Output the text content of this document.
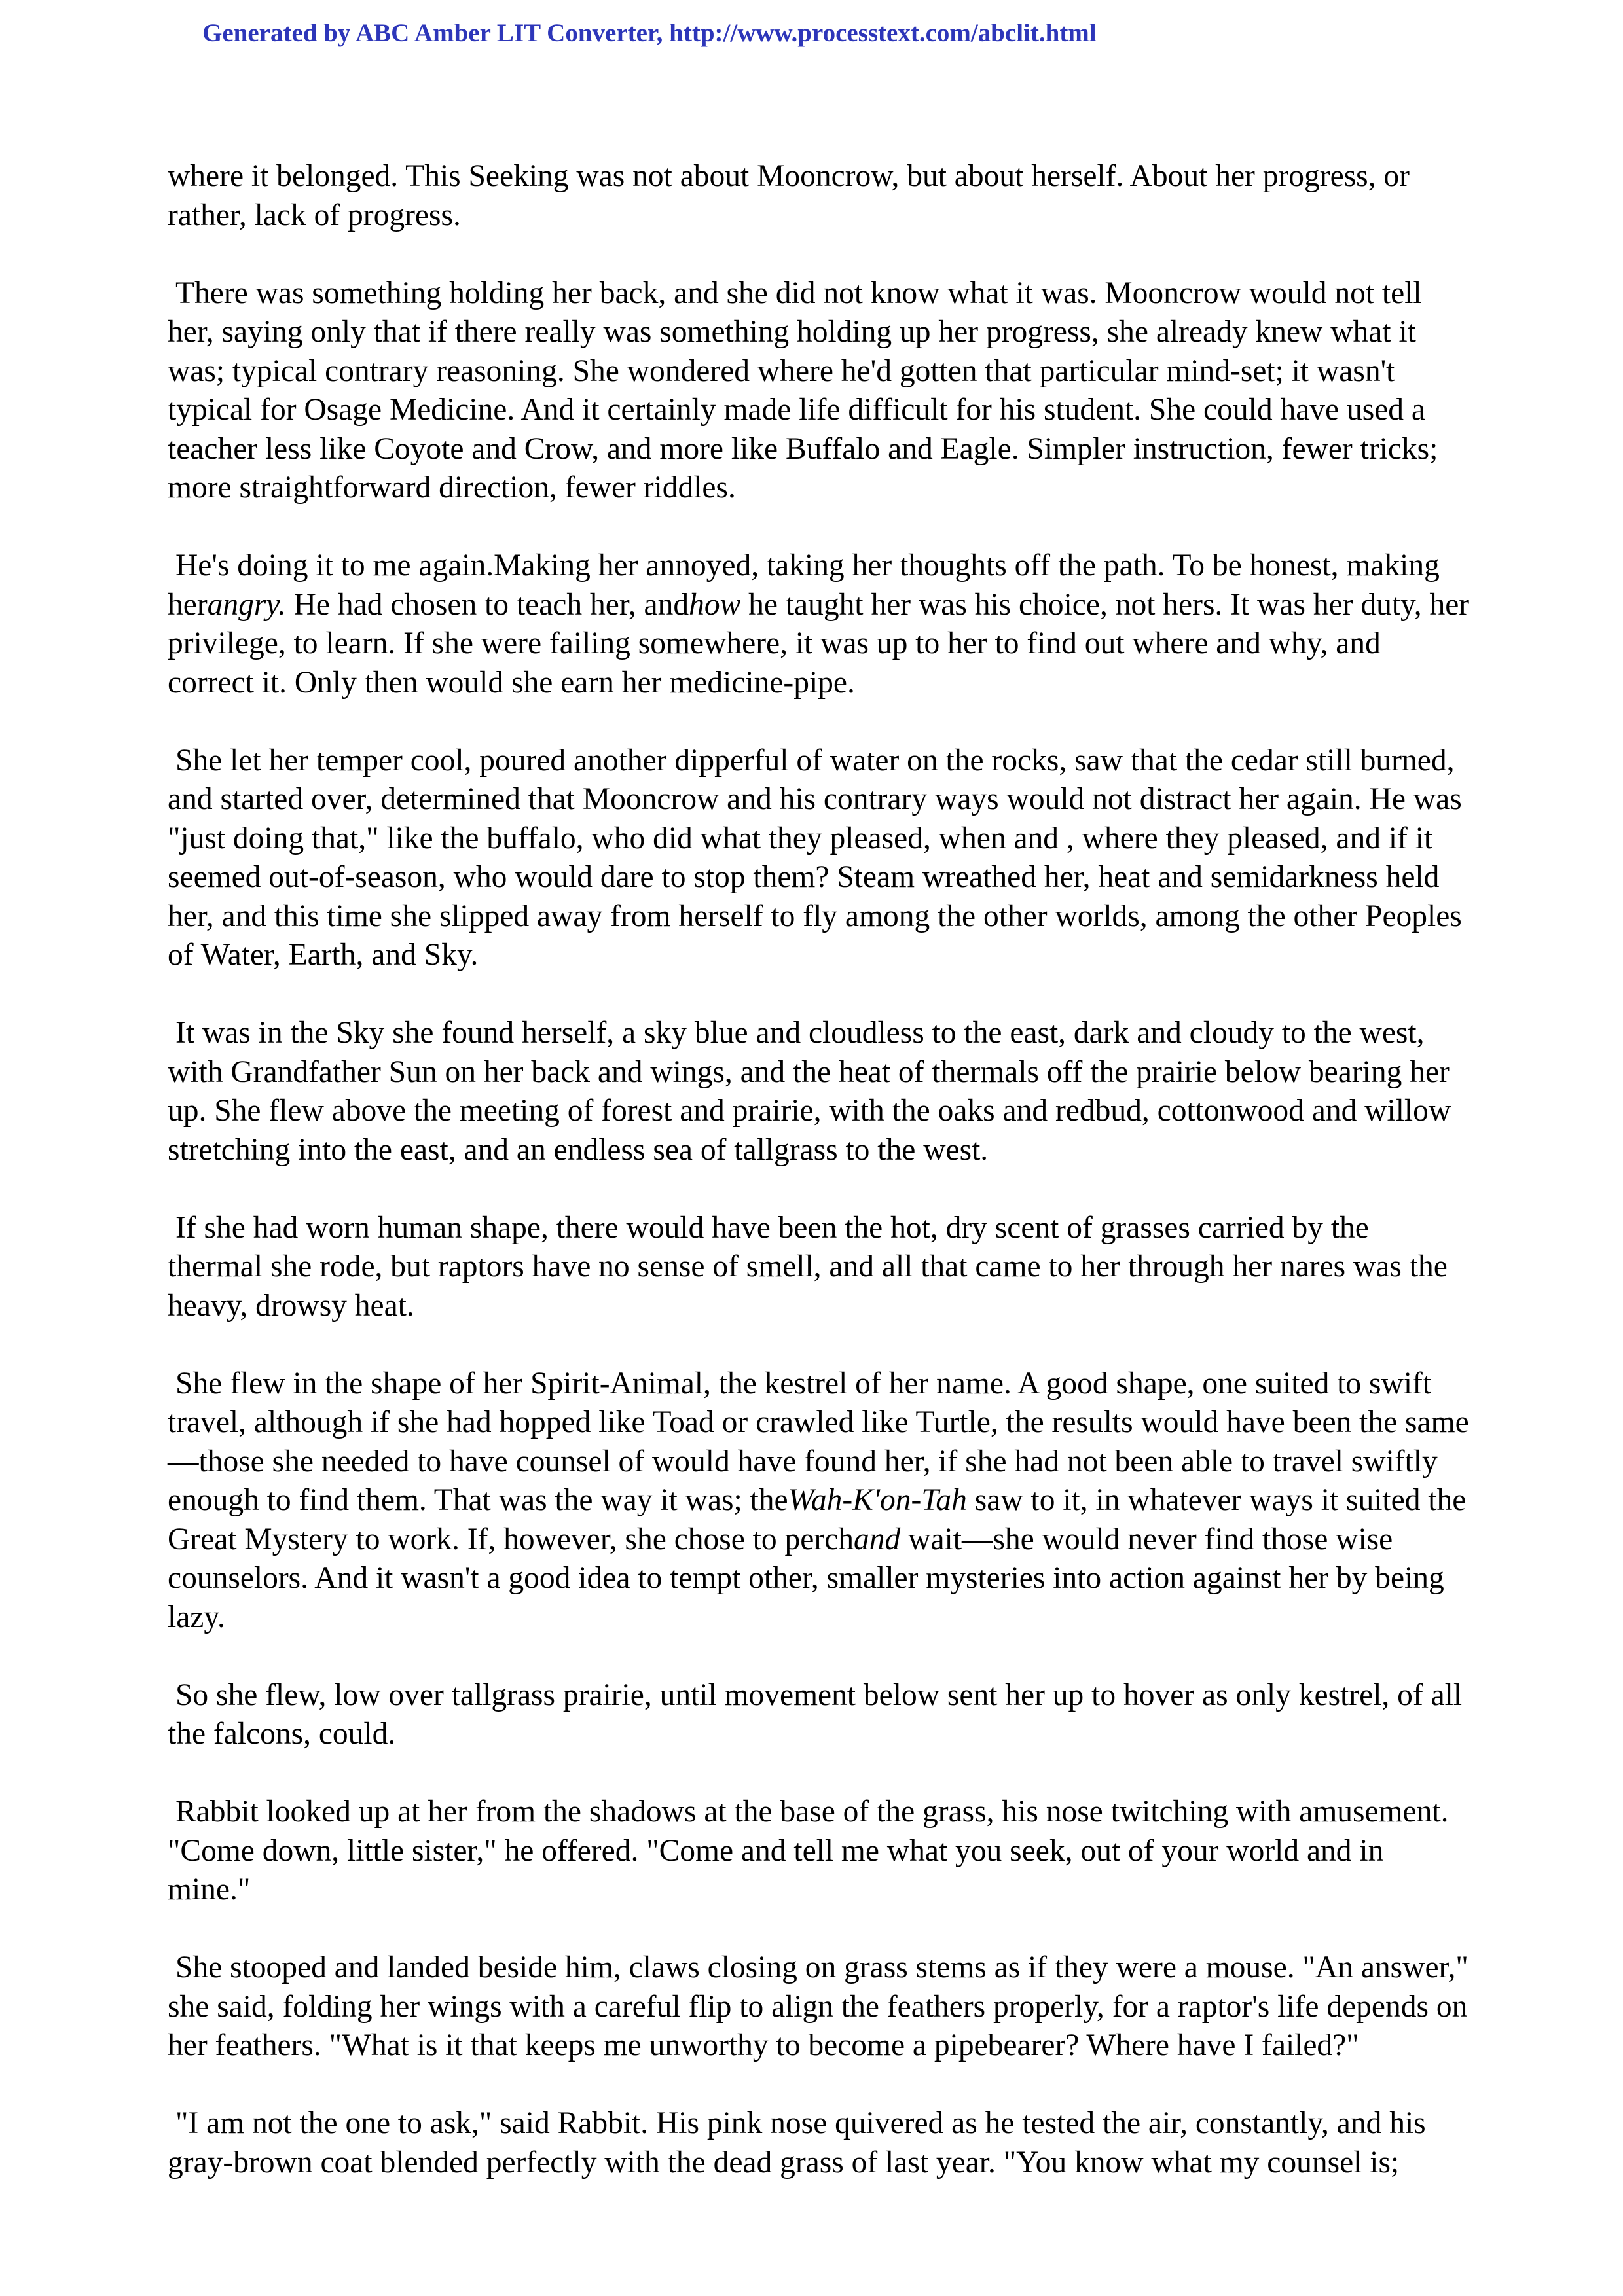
Generated by ABC Amber LIT Converter, http://www.processtext.com/abclit.html

where it belonged. This Seeking was not about Mooncrow, but about herself. About her progress, or rather, lack of progress.

There was something holding her back, and she did not know what it was. Mooncrow would not tell her, saying only that if there really was something holding up her progress, she already knew what it was; typical contrary reasoning. She wondered where he'd gotten that particular mind-set; it wasn't typical for Osage Medicine. And it certainly made life difficult for his student. She could have used a teacher less like Coyote and Crow, and more like Buffalo and Eagle. Simpler instruction, fewer tricks; more straightforward direction, fewer riddles.

He's doing it to me again.Making her annoyed, taking her thoughts off the path. To be honest, making herangry. He had chosen to teach her, andhow he taught her was his choice, not hers. It was her duty, her privilege, to learn. If she were failing somewhere, it was up to her to find out where and why, and correct it. Only then would she earn her medicine-pipe.

She let her temper cool, poured another dipperful of water on the rocks, saw that the cedar still burned, and started over, determined that Mooncrow and his contrary ways would not distract her again. He was "just doing that," like the buffalo, who did what they pleased, when and , where they pleased, and if it seemed out-of-season, who would dare to stop them? Steam wreathed her, heat and semidarkness held her, and this time she slipped away from herself to fly among the other worlds, among the other Peoples of Water, Earth, and Sky.

It was in the Sky she found herself, a sky blue and cloudless to the east, dark and cloudy to the west, with Grandfather Sun on her back and wings, and the heat of thermals off the prairie below bearing her up. She flew above the meeting of forest and prairie, with the oaks and redbud, cottonwood and willow stretching into the east, and an endless sea of tallgrass to the west.

If she had worn human shape, there would have been the hot, dry scent of grasses carried by the thermal she rode, but raptors have no sense of smell, and all that came to her through her nares was the heavy, drowsy heat.

She flew in the shape of her Spirit-Animal, the kestrel of her name. A good shape, one suited to swift travel, although if she had hopped like Toad or crawled like Turtle, the results would have been the same—those she needed to have counsel of would have found her, if she had not been able to travel swiftly enough to find them. That was the way it was; theWah-K'on-Tah saw to it, in whatever ways it suited the Great Mystery to work. If, however, she chose to perchand wait—she would never find those wise counselors. And it wasn't a good idea to tempt other, smaller mysteries into action against her by being lazy.

So she flew, low over tallgrass prairie, until movement below sent her up to hover as only kestrel, of all the falcons, could.

Rabbit looked up at her from the shadows at the base of the grass, his nose twitching with amusement. "Come down, little sister," he offered. "Come and tell me what you seek, out of your world and in mine."

She stooped and landed beside him, claws closing on grass stems as if they were a mouse. "An answer," she said, folding her wings with a careful flip to align the feathers properly, for a raptor's life depends on her feathers. "What is it that keeps me unworthy to become a pipebearer? Where have I failed?"

"I am not the one to ask," said Rabbit. His pink nose quivered as he tested the air, constantly, and his gray-brown coat blended perfectly with the dead grass of last year. "You know what my counsel is;
